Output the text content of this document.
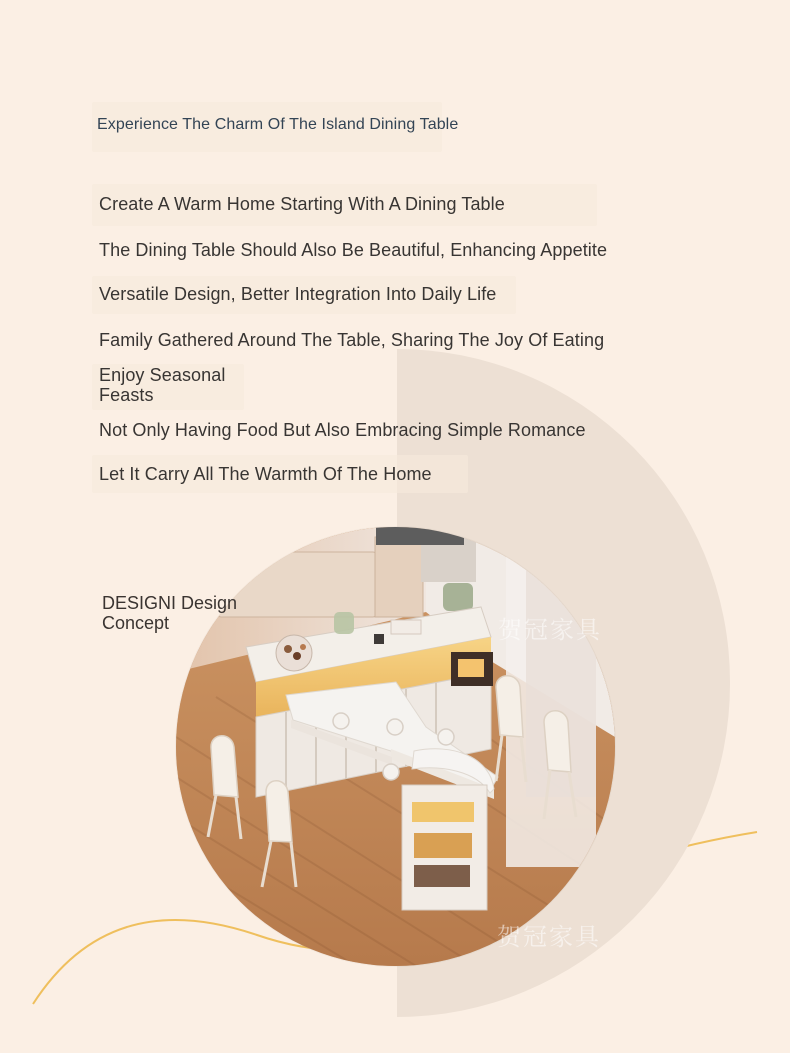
Experience The Charm Of The Island Dining Table
Create A Warm Home Starting With A Dining Table
The Dining Table Should Also Be Beautiful, Enhancing Appetite
Versatile Design, Better Integration Into Daily Life
Family Gathered Around The Table, Sharing The Joy Of Eating
Enjoy Seasonal Feasts
Not Only Having Food But Also Embracing Simple Romance
Let It Carry All The Warmth Of The Home
DESIGNI Design Concept	贺冠家具
贺冠家具
